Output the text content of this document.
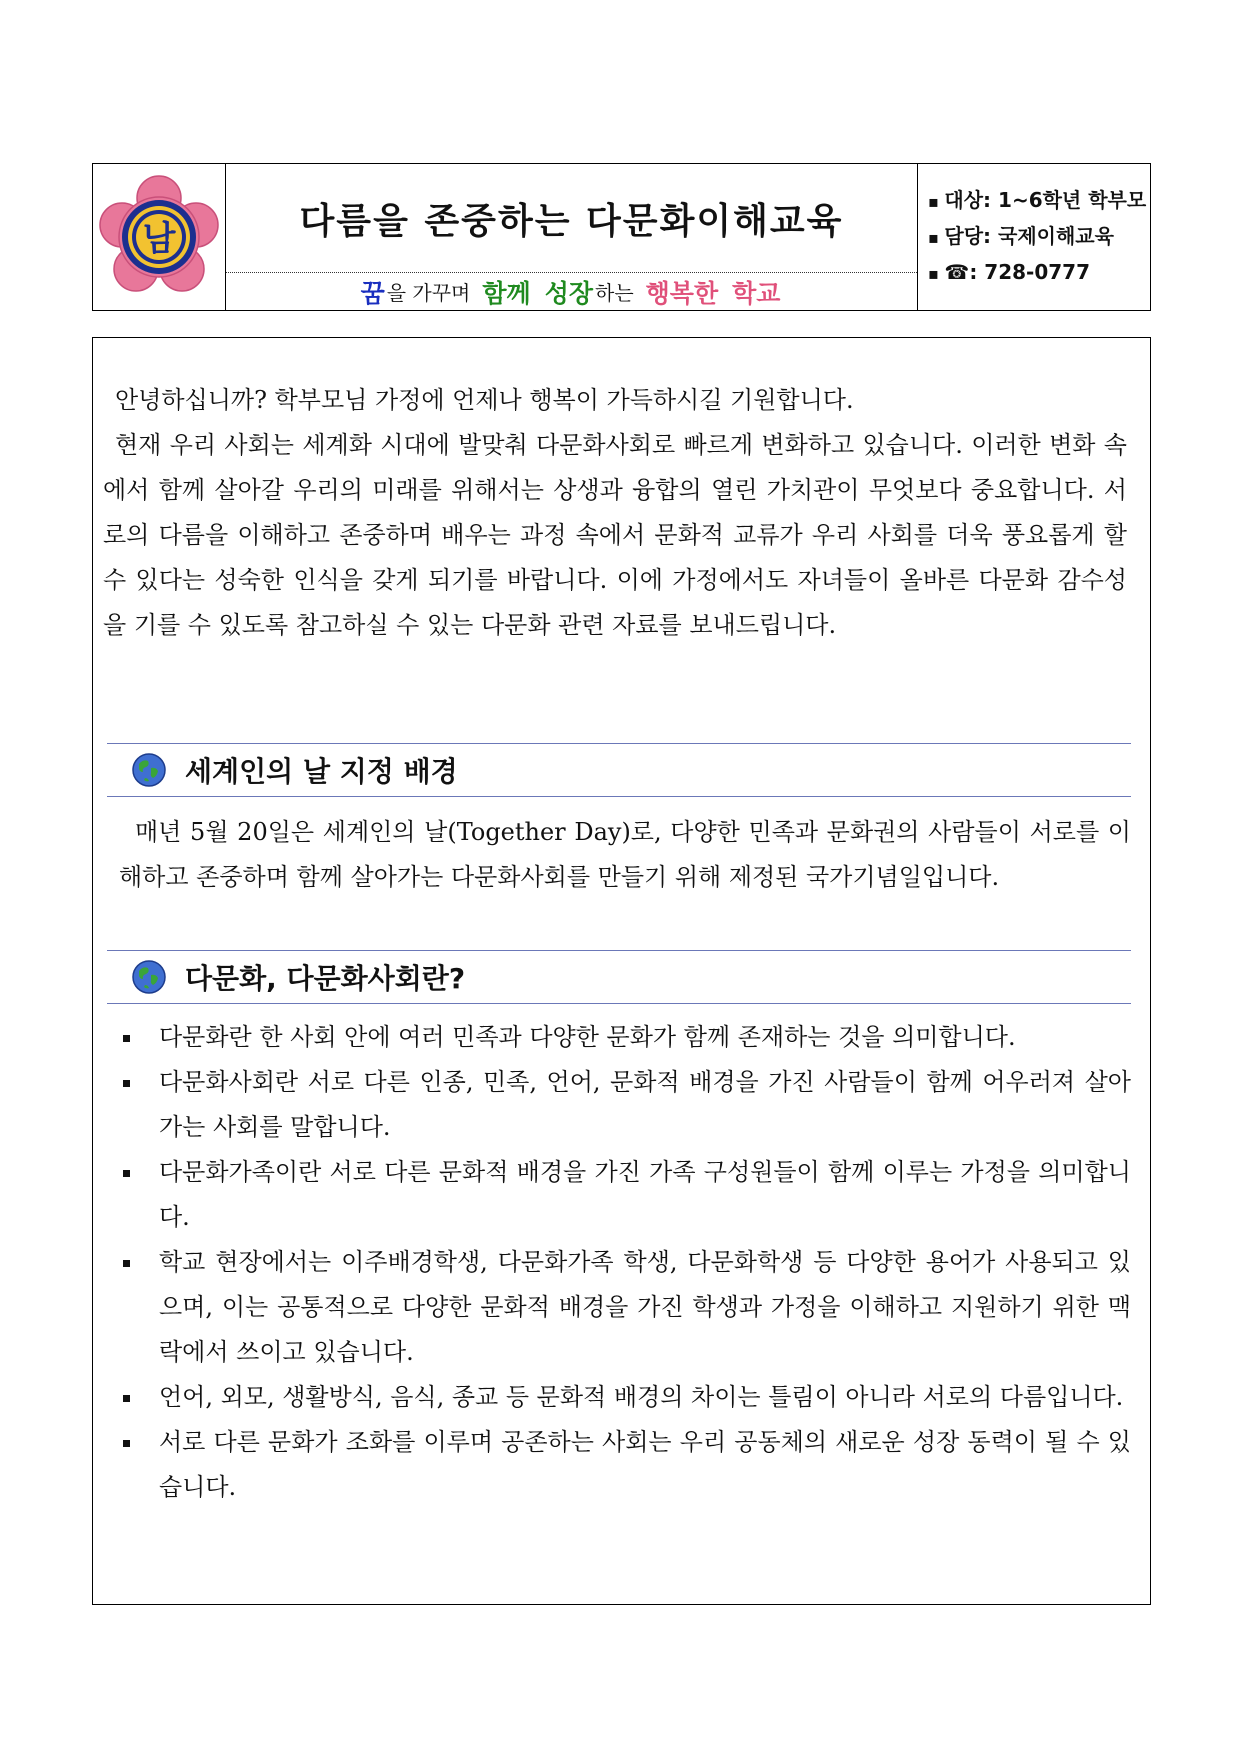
남	다름을 존중하는 다문화이해교육
꿈 을 가꾸며 함께 성장 하는 행복한 학교
▪ 대상: 1~6학년 학부모
▪ 담당: 국제이해교육
▪ ☎: 728-0777

안녕하십니까? 학부모님 가정에 언제나 행복이 가득하시길 기원합니다.

현재 우리 사회는 세계화 시대에 발맞춰 다문화사회로 빠르게 변화하고 있습니다. 이러한 변화 속에서 함께 살아갈 우리의 미래를 위해서는 상생과 융합의 열린 가치관이 무엇보다 중요합니다. 서로의 다름을 이해하고 존중하며 배우는 과정 속에서 문화적 교류가 우리 사회를 더욱 풍요롭게 할 수 있다는 성숙한 인식을 갖게 되기를 바랍니다. 이에 가정에서도 자녀들이 올바른 다문화 감수성을 기를 수 있도록 참고하실 수 있는 다문화 관련 자료를 보내드립니다.

세계인의 날 지정 배경

매년 5월 20일은 세계인의 날(Together Day)로, 다양한 민족과 문화권의 사람들이 서로를 이해하고 존중하며 함께 살아가는 다문화사회를 만들기 위해 제정된 국가기념일입니다.

다문화, 다문화사회란?
다문화란 한 사회 안에 여러 민족과 다양한 문화가 함께 존재하는 것을 의미합니다.
다문화사회란 서로 다른 인종, 민족, 언어, 문화적 배경을 가진 사람들이 함께 어우러져 살아가는 사회를 말합니다.
다문화가족이란 서로 다른 문화적 배경을 가진 가족 구성원들이 함께 이루는 가정을 의미합니다.
학교 현장에서는 이주배경학생, 다문화가족 학생, 다문화학생 등 다양한 용어가 사용되고 있으며, 이는 공통적으로 다양한 문화적 배경을 가진 학생과 가정을 이해하고 지원하기 위한 맥락에서 쓰이고 있습니다.
언어, 외모, 생활방식, 음식, 종교 등 문화적 배경의 차이는 틀림이 아니라 서로의 다름입니다.
서로 다른 문화가 조화를 이루며 공존하는 사회는 우리 공동체의 새로운 성장 동력이 될 수 있습니다.
